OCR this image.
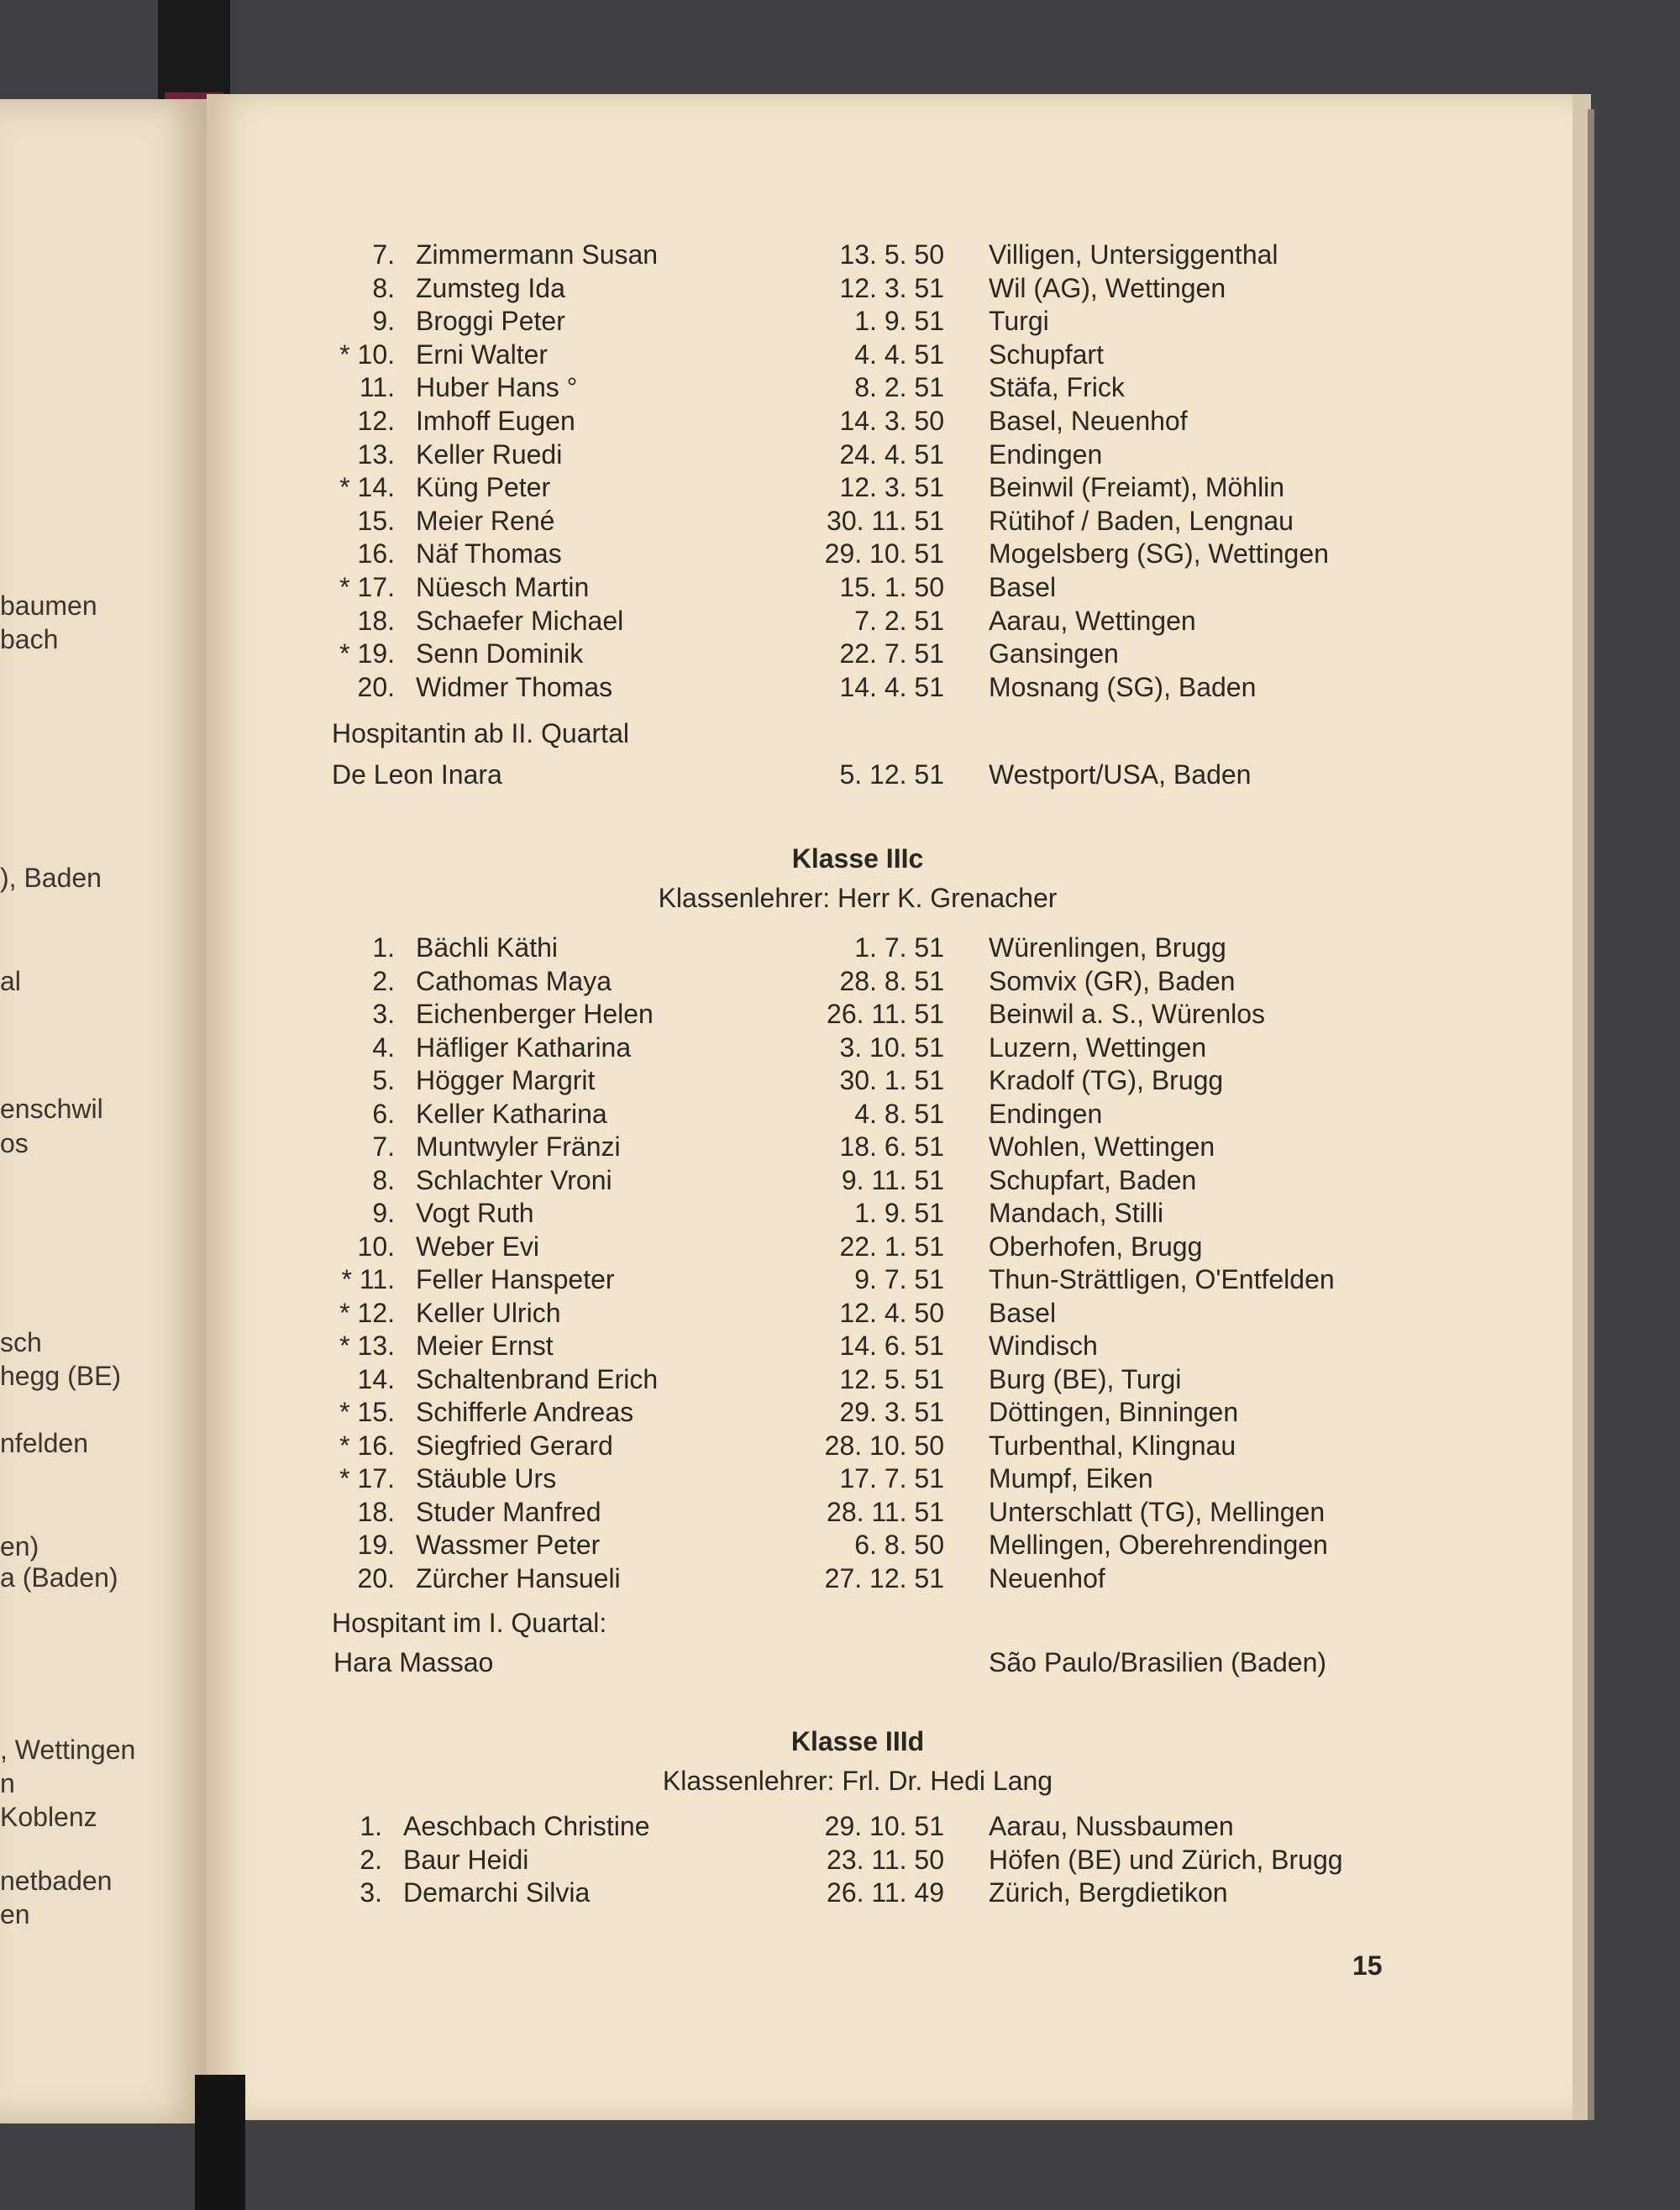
baumen
bach
), Baden
al
enschwil
os
sch
hegg (BE)
nfelden
en)
a (Baden)
, Wettingen
n
Koblenz
netbaden
en
7. Zimmermann Susan	13. 5. 50 Villigen, Untersiggenthal
8. Zumsteg Ida	12. 3. 51 Wil (AG), Wettingen
9. Broggi Peter	1. 9. 51 Turgi
* 10. Erni Walter	4. 4. 51 Schupfart
11. Huber Hans °	8. 2. 51 Stäfa, Frick
12. Imhoff Eugen	14. 3. 50 Basel, Neuenhof
13. Keller Ruedi	24. 4. 51 Endingen
* 14. Küng Peter	12. 3. 51 Beinwil (Freiamt), Möhlin
15. Meier René	30. 11. 51 Rütihof / Baden, Lengnau
16. Näf Thomas	29. 10. 51 Mogelsberg (SG), Wettingen
* 17. Nüesch Martin	15. 1. 50 Basel
18. Schaefer Michael	7. 2. 51 Aarau, Wettingen
* 19. Senn Dominik	22. 7. 51 Gansingen
20. Widmer Thomas	14. 4. 51 Mosnang (SG), Baden
Hospitantin ab II. Quartal
De Leon Inara	5. 12. 51 Westport/USA, Baden
Klasse IIIc
Klassenlehrer: Herr K. Grenacher
1. Bächli Käthi	1. 7. 51 Würenlingen, Brugg
2. Cathomas Maya	28. 8. 51 Somvix (GR), Baden
3. Eichenberger Helen	26. 11. 51 Beinwil a. S., Würenlos
4. Häfliger Katharina	3. 10. 51 Luzern, Wettingen
5. Högger Margrit	30. 1. 51 Kradolf (TG), Brugg
6. Keller Katharina	4. 8. 51 Endingen
7. Muntwyler Fränzi	18. 6. 51 Wohlen, Wettingen
8. Schlachter Vroni	9. 11. 51 Schupfart, Baden
9. Vogt Ruth	1. 9. 51 Mandach, Stilli
10. Weber Evi	22. 1. 51 Oberhofen, Brugg
* 11. Feller Hanspeter	9. 7. 51 Thun-Strättligen, O'Entfelden
* 12. Keller Ulrich	12. 4. 50 Basel
* 13. Meier Ernst	14. 6. 51 Windisch
14. Schaltenbrand Erich	12. 5. 51 Burg (BE), Turgi
* 15. Schifferle Andreas	29. 3. 51 Döttingen, Binningen
* 16. Siegfried Gerard	28. 10. 50 Turbenthal, Klingnau
* 17. Stäuble Urs	17. 7. 51 Mumpf, Eiken
18. Studer Manfred	28. 11. 51 Unterschlatt (TG), Mellingen
19. Wassmer Peter	6. 8. 50 Mellingen, Oberehrendingen
20. Zürcher Hansueli	27. 12. 51 Neuenhof
Hospitant im I. Quartal:
Hara Massao	São Paulo/Brasilien (Baden)
Klasse IIId
Klassenlehrer: Frl. Dr. Hedi Lang
1. Aeschbach Christine	29. 10. 51 Aarau, Nussbaumen
2. Baur Heidi	23. 11. 50 Höfen (BE) und Zürich, Brugg
3. Demarchi Silvia	26. 11. 49 Zürich, Bergdietikon
15
